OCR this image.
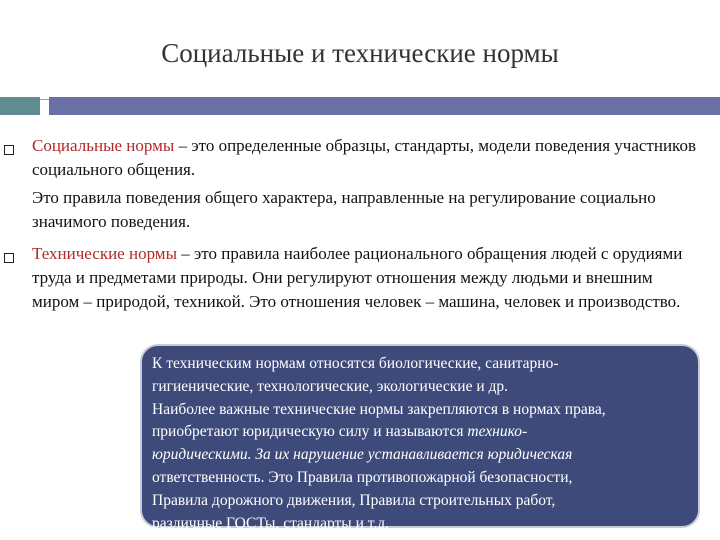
Социальные и технические нормы
Социальные нормы – это определенные образцы, стандарты, модели поведения участников социального общения.
Это правила поведения общего характера, направленные на регулирование социально значимого поведения.
Технические нормы – это правила наиболее рационального обращения людей с орудиями труда и предметами природы. Они регулируют отношения между людьми и внешним миром – природой, техникой. Это отношения человек – машина, человек и производство.
К техническим нормам относятся биологические, санитарно-
гигиенические, технологические, экологические и др.
Наиболее важные технические нормы закрепляются в нормах права,
приобретают юридическую силу и называются технико-
юридическими. За их нарушение устанавливается юридическая
ответственность. Это Правила противопожарной безопасности,
Правила дорожного движения, Правила строительных работ,
различные ГОСТы, стандарты и т.д.
